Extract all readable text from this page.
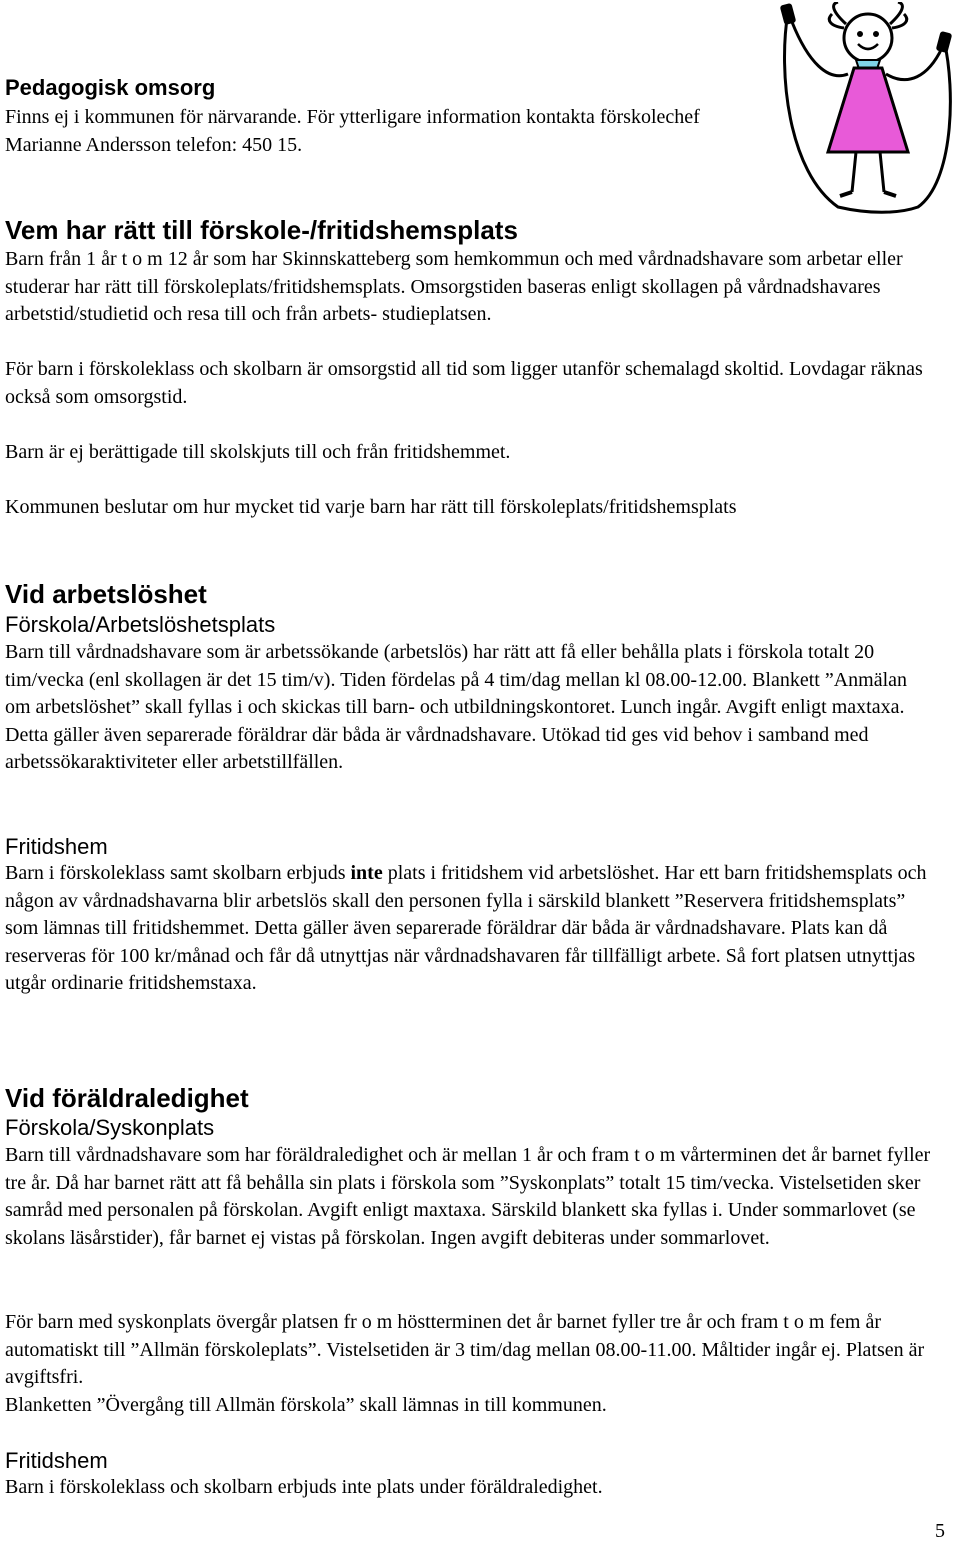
Pedagogisk omsorg

Finns ej i kommunen för närvarande. För ytterligare information kontakta förskolechef Marianne Andersson telefon: 450 15.

Vem har rätt till förskole-/fritidshemsplats

Barn från 1 år t o m 12 år som har Skinnskatteberg som hemkommun och med vårdnadshavare som arbetar eller studerar har rätt till förskoleplats/fritidshemsplats. Omsorgstiden baseras enligt skollagen på vårdnadshavares arbetstid/studietid och resa till och från arbets- studieplatsen.

För barn i förskoleklass och skolbarn är omsorgstid all tid som ligger utanför schemalagd skoltid. Lovdagar räknas också som omsorgstid.

Barn är ej berättigade till skolskjuts till och från fritidshemmet.

Kommunen beslutar om hur mycket tid varje barn har rätt till förskoleplats/fritidshemsplats

Vid arbetslöshet
Förskola/Arbetslöshetsplats

Barn till vårdnadshavare som är arbetssökande (arbetslös) har rätt att få eller behålla plats i förskola totalt 20 tim/vecka (enl skollagen är det 15 tim/v). Tiden fördelas på 4 tim/dag mellan kl 08.00-12.00. Blankett ”Anmälan om arbetslöshet” skall fyllas i och skickas till barn- och utbildningskontoret. Lunch ingår. Avgift enligt maxtaxa. Detta gäller även separerade föräldrar där båda är vårdnadshavare. Utökad tid ges vid behov i samband med arbetssökaraktiviteter eller arbetstillfällen.

Fritidshem

Barn i förskoleklass samt skolbarn erbjuds inte plats i fritidshem vid arbetslöshet. Har ett barn fritidshemsplats och någon av vårdnadshavarna blir arbetslös skall den personen fylla i särskild blankett ”Reservera fritidshemsplats” som lämnas till fritidshemmet. Detta gäller även separerade föräldrar där båda är vårdnadshavare. Plats kan då reserveras för 100 kr/månad och får då utnyttjas när vårdnadshavaren får tillfälligt arbete. Så fort platsen utnyttjas utgår ordinarie fritidshemstaxa.

Vid föräldraledighet
Förskola/Syskonplats

Barn till vårdnadshavare som har föräldraledighet och är mellan 1 år och fram t o m vårterminen det år barnet fyller tre år. Då har barnet rätt att få behålla sin plats i förskola som ”Syskonplats” totalt 15 tim/vecka. Vistelsetiden sker samråd med personalen på förskolan. Avgift enligt maxtaxa. Särskild blankett ska fyllas i. Under sommarlovet (se skolans läsårstider), får barnet ej vistas på förskolan. Ingen avgift debiteras under sommarlovet.

För barn med syskonplats övergår platsen fr o m höstterminen det år barnet fyller tre år och fram t o m fem år automatiskt till ”Allmän förskoleplats”. Vistelsetiden är 3 tim/dag mellan 08.00-11.00. Måltider ingår ej. Platsen är avgiftsfri.

Blanketten ”Övergång till Allmän förskola” skall lämnas in till kommunen.

Fritidshem

Barn i förskoleklass och skolbarn erbjuds inte plats under föräldraledighet.

5
